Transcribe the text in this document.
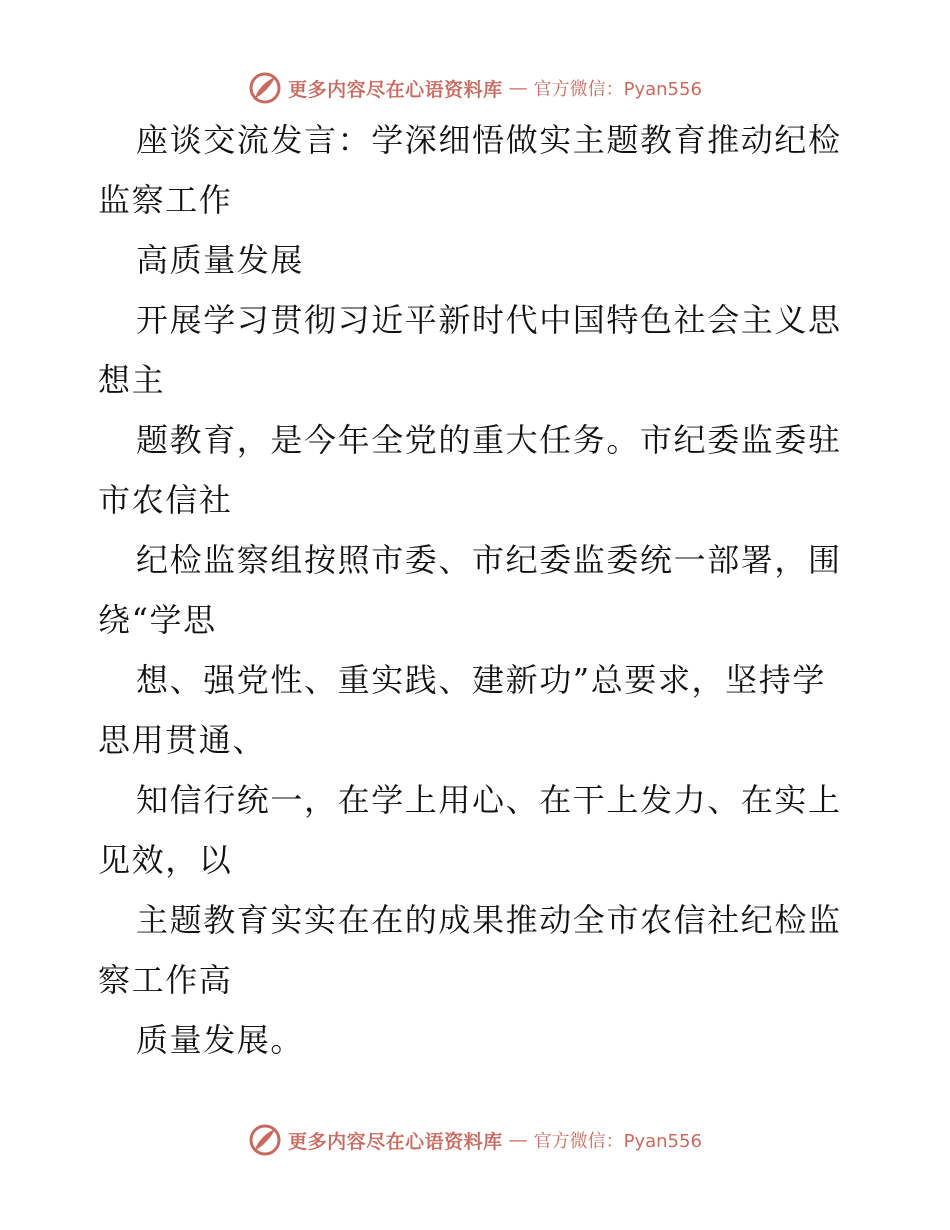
更多内容尽在心语资料库 — 官方微信：Pyan556
座谈交流发言：学深细悟做实主题教育推动纪检
监察工作
高质量发展
开展学习贯彻习近平新时代中国特色社会主义思
想主
题教育，是今年全党的重大任务。市纪委监委驻
市农信社
纪检监察组按照市委、市纪委监委统一部署，围
绕“学思
想、强党性、重实践、建新功”总要求，坚持学
思用贯通、
知信行统一，在学上用心、在干上发力、在实上
见效，以
主题教育实实在在的成果推动全市农信社纪检监
察工作高
质量发展。
更多内容尽在心语资料库 — 官方微信：Pyan556
